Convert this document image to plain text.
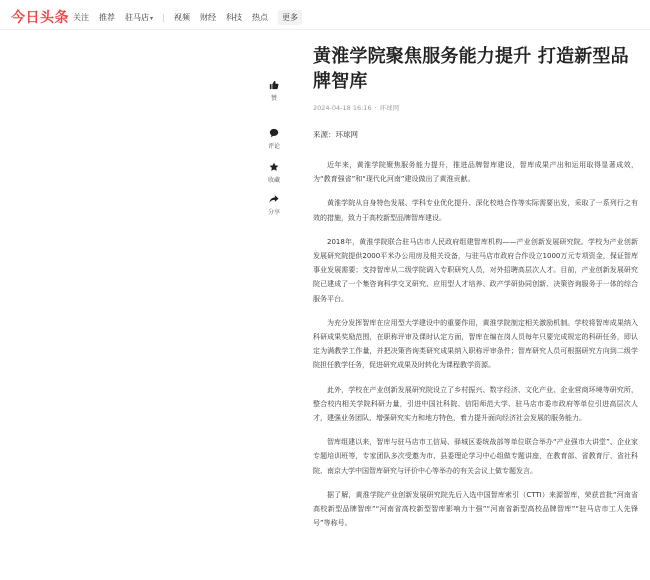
今日头条 关注 推荐 驻马店▾	视频 财经 科技 热点	更多
赞
评论
收藏
分享
黄淮学院聚焦服务能力提升 打造新型品牌智库
2024-04-18 16:16 · 环球网
来源：环球网

近年来，黄淮学院聚焦服务能力提升，推进品牌智库建设，智库成果产出和运用取得显著成效，为“教育强省”和“现代化河南”建设做出了黄淮贡献。

黄淮学院从自身特色发展、学科专业优化提升、深化校地合作等实际需要出发，采取了一系列行之有效的措施，致力于高校新型品牌智库建设。

2018年，黄淮学院联合驻马店市人民政府组建智库机构——产业创新发展研究院。学校为产业创新发展研究院提供2000平米办公用房及相关设备，与驻马店市政府合作设立1000万元专项资金，保证智库事业发展需要；支持智库从二级学院调入专职研究人员，对外招聘高层次人才。目前，产业创新发展研究院已建成了一个集咨询科学交叉研究、应用型人才培养、政产学研协同创新、决策咨询服务于一体的综合服务平台。

为充分发挥智库在应用型大学建设中的重要作用，黄淮学院制定相关激励机制。学校将智库成果纳入科研成果奖励范围，在职称评审及课时认定方面，智库在编在岗人员每年只要完成规定的科研任务，即认定为满教学工作量，并把决策咨询类研究成果纳入职称评审条件；智库研究人员可根据研究方向到二级学院担任教学任务，促进研究成果及时转化为课程教学资源。

此外，学校在产业创新发展研究院设立了乡村振兴、数字经济、文化产业、企业营商环境等研究所，整合校内相关学院科研力量，引进中国社科院、信阳师范大学、驻马店市委市政府等单位引进高层次人才，建强业务团队、增强研究实力和地方特色，着力提升面向经济社会发展的服务能力。

智库组建以来，智库与驻马店市工信局、驿城区委统战部等单位联合举办“产业强市大讲堂”、企业家专题培训班等，专家团队多次受邀为市、县委理论学习中心组做专题讲座，在教育部、省教育厅、省社科院、南京大学中国智库研究与评价中心等举办的有关会议上做专题发言。

据了解，黄淮学院产业创新发展研究院先后入选中国智库索引（CTTI）来源智库，荣获首批“河南省高校新型品牌智库”“河南省高校新型智库影响力十强”“河南省新型高校品牌智库”“驻马店市工人先锋号”等称号。
